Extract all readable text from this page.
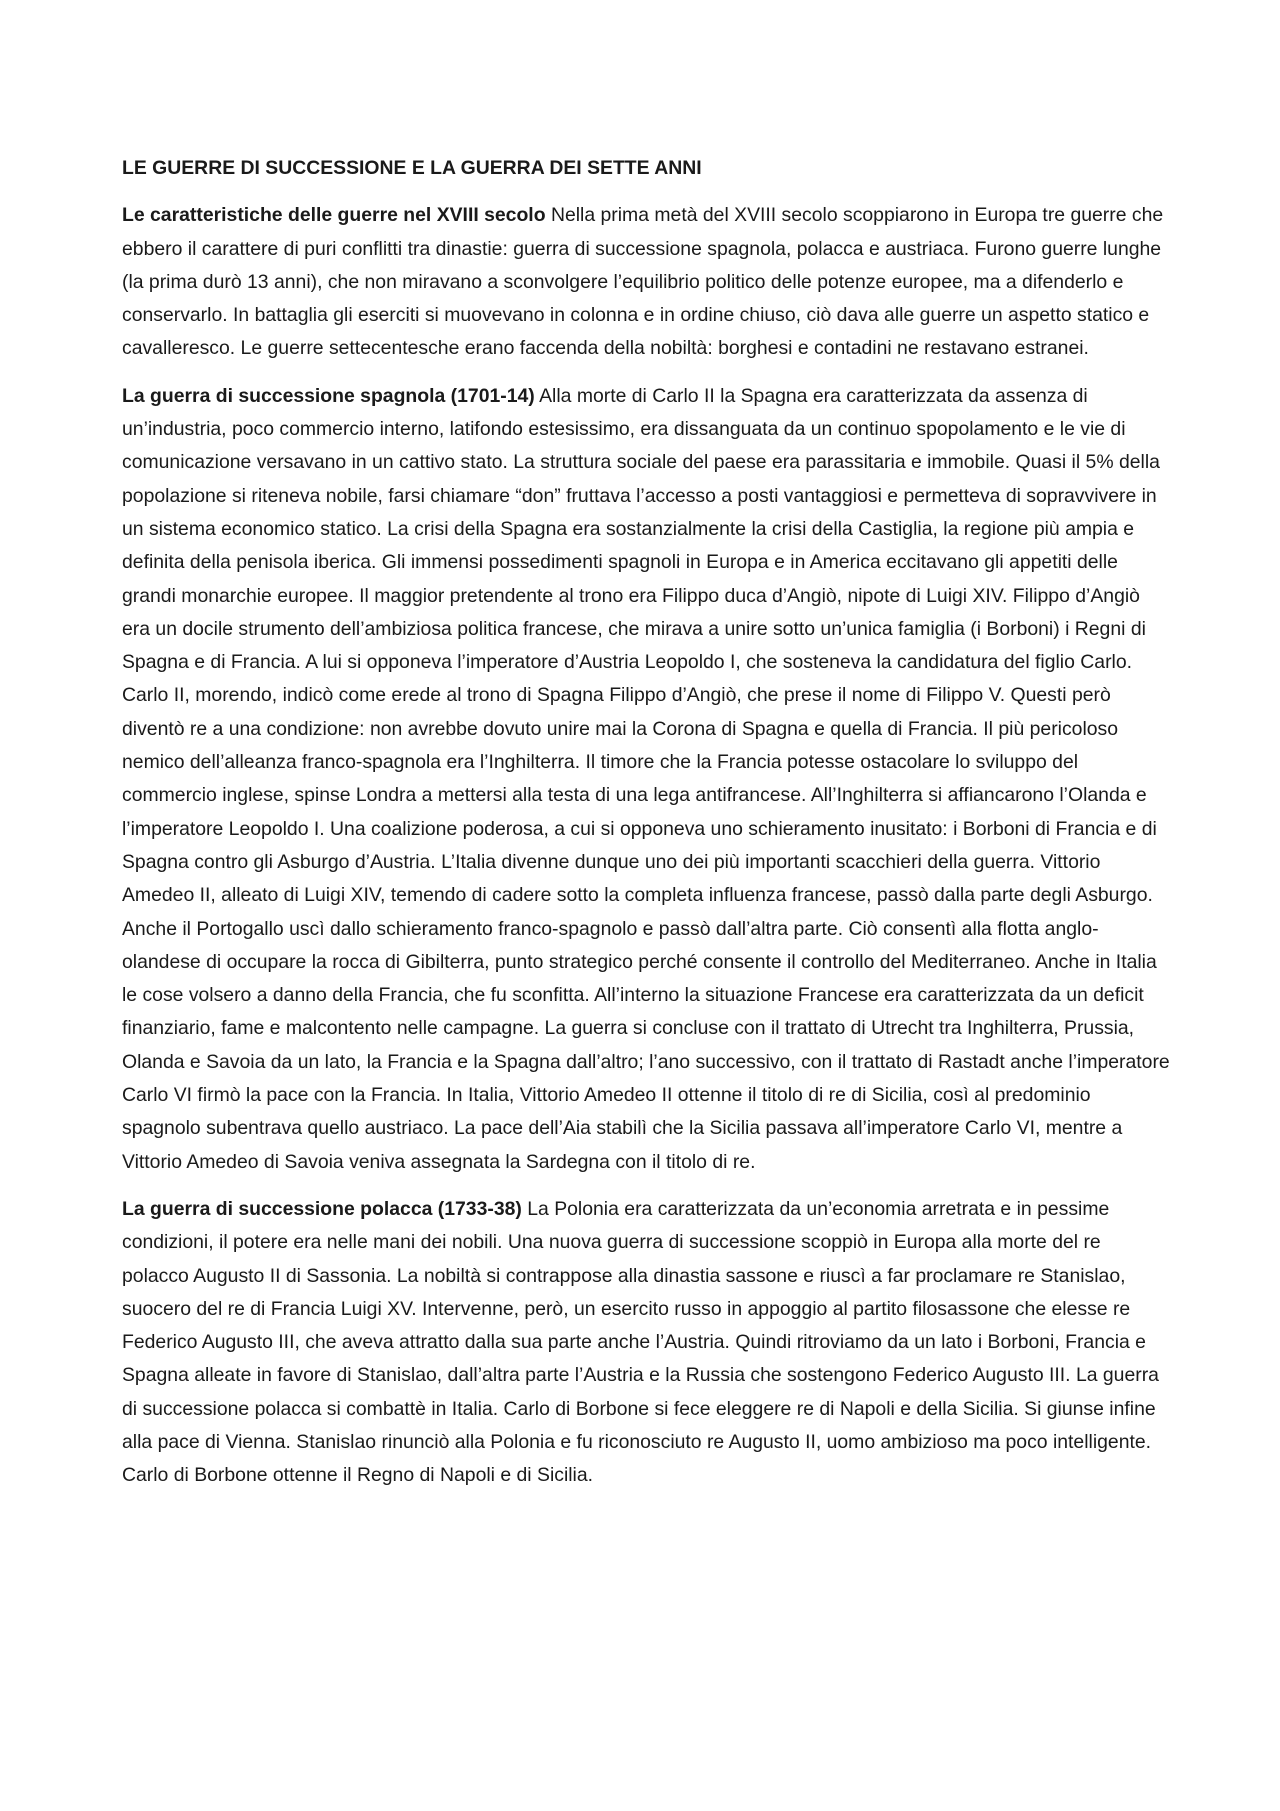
LE GUERRE DI SUCCESSIONE E LA GUERRA DEI SETTE ANNI

Le caratteristiche delle guerre nel XVIII secolo Nella prima metà del XVIII secolo scoppiarono in Europa tre guerre che ebbero il carattere di puri conflitti tra dinastie: guerra di successione spagnola, polacca e austriaca. Furono guerre lunghe (la prima durò 13 anni), che non miravano a sconvolgere l’equilibrio politico delle potenze europee, ma a difenderlo e conservarlo. In battaglia gli eserciti si muovevano in colonna e in ordine chiuso, ciò dava alle guerre un aspetto statico e cavalleresco. Le guerre settecentesche erano faccenda della nobiltà: borghesi e contadini ne restavano estranei.

La guerra di successione spagnola (1701-14) Alla morte di Carlo II la Spagna era caratterizzata da assenza di un’industria, poco commercio interno, latifondo estesissimo, era dissanguata da un continuo spopolamento e le vie di comunicazione versavano in un cattivo stato. La struttura sociale del paese era parassitaria e immobile. Quasi il 5% della popolazione si riteneva nobile, farsi chiamare “don” fruttava l’accesso a posti vantaggiosi e permetteva di sopravvivere in un sistema economico statico. La crisi della Spagna era sostanzialmente la crisi della Castiglia, la regione più ampia e definita della penisola iberica. Gli immensi possedimenti spagnoli in Europa e in America eccitavano gli appetiti delle grandi monarchie europee. Il maggior pretendente al trono era Filippo duca d’Angiò, nipote di Luigi XIV. Filippo d’Angiò era un docile strumento dell’ambiziosa politica francese, che mirava a unire sotto un’unica famiglia (i Borboni) i Regni di Spagna e di Francia. A lui si opponeva l’imperatore d’Austria Leopoldo I, che sosteneva la candidatura del figlio Carlo. Carlo II, morendo, indicò come erede al trono di Spagna Filippo d’Angiò, che prese il nome di Filippo V. Questi però diventò re a una condizione: non avrebbe dovuto unire mai la Corona di Spagna e quella di Francia. Il più pericoloso nemico dell’alleanza franco-spagnola era l’Inghilterra. Il timore che la Francia potesse ostacolare lo sviluppo del commercio inglese, spinse Londra a mettersi alla testa di una lega antifrancese. All’Inghilterra si affiancarono l’Olanda e l’imperatore Leopoldo I. Una coalizione poderosa, a cui si opponeva uno schieramento inusitato: i Borboni di Francia e di Spagna contro gli Asburgo d’Austria. L’Italia divenne dunque uno dei più importanti scacchieri della guerra. Vittorio Amedeo II, alleato di Luigi XIV, temendo di cadere sotto la completa influenza francese, passò dalla parte degli Asburgo. Anche il Portogallo uscì dallo schieramento franco-spagnolo e passò dall’altra parte. Ciò consentì alla flotta anglo-olandese di occupare la rocca di Gibilterra, punto strategico perché consente il controllo del Mediterraneo. Anche in Italia le cose volsero a danno della Francia, che fu sconfitta. All’interno la situazione Francese era caratterizzata da un deficit finanziario, fame e malcontento nelle campagne. La guerra si concluse con il trattato di Utrecht tra Inghilterra, Prussia, Olanda e Savoia da un lato, la Francia e la Spagna dall’altro; l’ano successivo, con il trattato di Rastadt anche l’imperatore Carlo VI firmò la pace con la Francia. In Italia, Vittorio Amedeo II ottenne il titolo di re di Sicilia, così al predominio spagnolo subentrava quello austriaco. La pace dell’Aia stabilì che la Sicilia passava all’imperatore Carlo VI, mentre a Vittorio Amedeo di Savoia veniva assegnata la Sardegna con il titolo di re.

La guerra di successione polacca (1733-38) La Polonia era caratterizzata da un’economia arretrata e in pessime condizioni, il potere era nelle mani dei nobili. Una nuova guerra di successione scoppiò in Europa alla morte del re polacco Augusto II di Sassonia. La nobiltà si contrappose alla dinastia sassone e riuscì a far proclamare re Stanislao, suocero del re di Francia Luigi XV. Intervenne, però, un esercito russo in appoggio al partito filosassone che elesse re Federico Augusto III, che aveva attratto dalla sua parte anche l’Austria. Quindi ritroviamo da un lato i Borboni, Francia e Spagna alleate in favore di Stanislao, dall’altra parte l’Austria e la Russia che sostengono Federico Augusto III. La guerra di successione polacca si combattè in Italia. Carlo di Borbone si fece eleggere re di Napoli e della Sicilia. Si giunse infine alla pace di Vienna. Stanislao rinunciò alla Polonia e fu riconosciuto re Augusto II, uomo ambizioso ma poco intelligente. Carlo di Borbone ottenne il Regno di Napoli e di Sicilia.
